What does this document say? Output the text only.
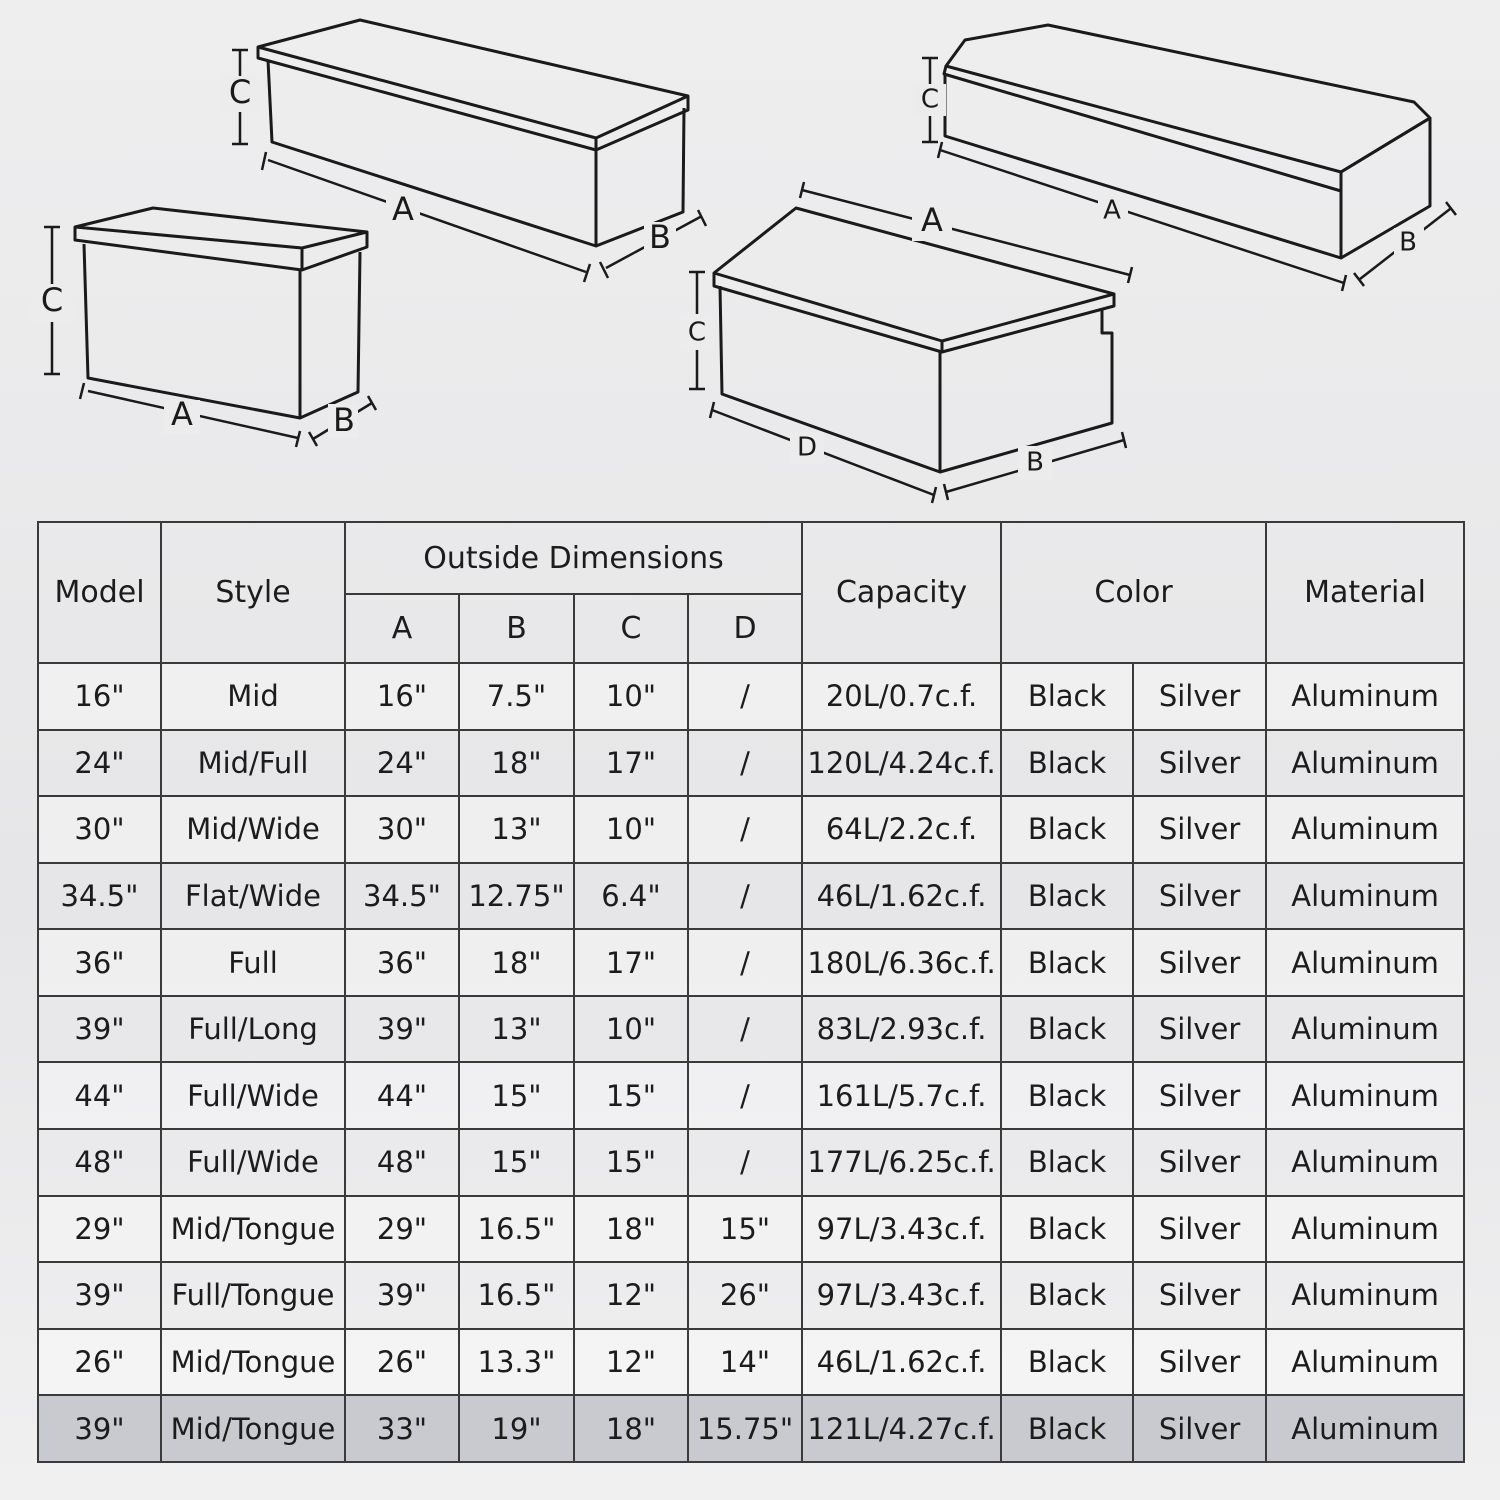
C
A	B
C
A
B	A
C
D	B
C
A
B
Model	Style	Outside Dimensions				Capacity	Color		Material
		A	B	C	D				
16"	Mid	16"	7.5"	10"	/	20L/0.7c.f.	Black	Silver	Aluminum
24"	Mid/Full	24"	18"	17"	/	120L/4.24c.f.	Black	Silver	Aluminum
30"	Mid/Wide	30"	13"	10"	/	64L/2.2c.f.	Black	Silver	Aluminum
34.5"	Flat/Wide	34.5"	12.75"	6.4"	/	46L/1.62c.f.	Black	Silver	Aluminum
36"	Full	36"	18"	17"	/	180L/6.36c.f.	Black	Silver	Aluminum
39"	Full/Long	39"	13"	10"	/	83L/2.93c.f.	Black	Silver	Aluminum
44"	Full/Wide	44"	15"	15"	/	161L/5.7c.f.	Black	Silver	Aluminum
48"	Full/Wide	48"	15"	15"	/	177L/6.25c.f.	Black	Silver	Aluminum
29"	Mid/Tongue	29"	16.5"	18"	15"	97L/3.43c.f.	Black	Silver	Aluminum
39"	Full/Tongue	39"	16.5"	12"	26"	97L/3.43c.f.	Black	Silver	Aluminum
26"	Mid/Tongue	26"	13.3"	12"	14"	46L/1.62c.f.	Black	Silver	Aluminum
39"	Mid/Tongue	33"	19"	18"	15.75"	121L/4.27c.f.	Black	Silver	Aluminum
